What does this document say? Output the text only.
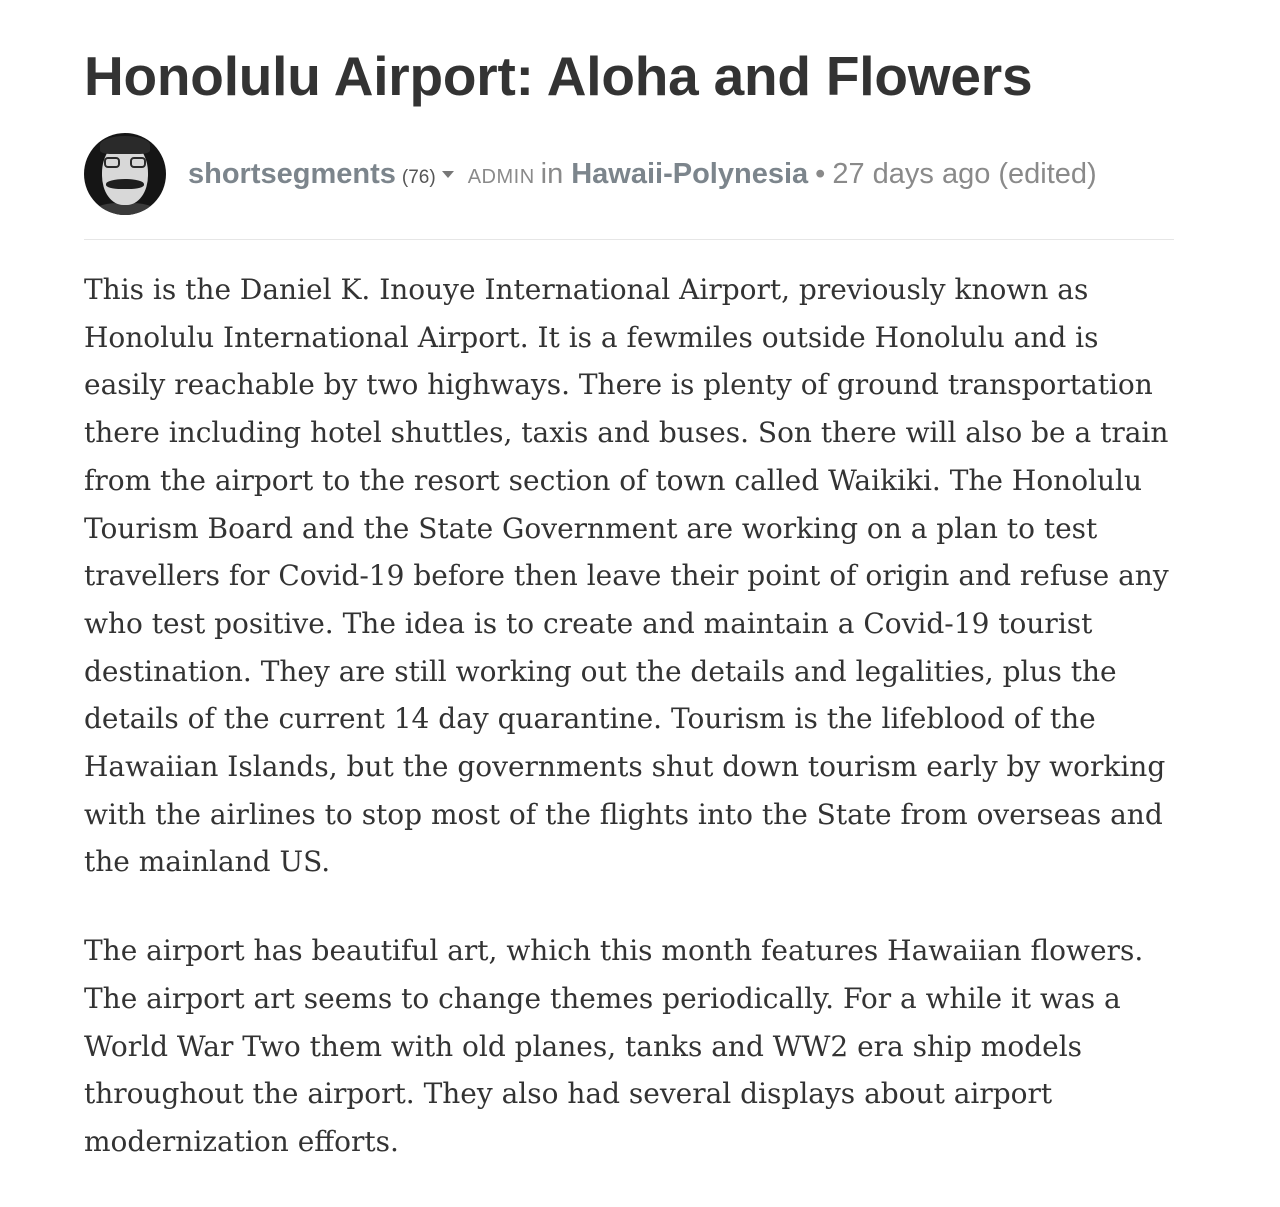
Honolulu Airport: Aloha and Flowers
shortsegments (76) ADMIN in Hawaii-Polynesia • 27 days ago (edited)

This is the Daniel K. Inouye International Airport, previously known as Honolulu International Airport. It is a fewmiles outside Honolulu and is easily reachable by two highways. There is plenty of ground transportation there including hotel shuttles, taxis and buses. Son there will also be a train from the airport to the resort section of town called Waikiki. The Honolulu Tourism Board and the State Government are working on a plan to test travellers for Covid-19 before then leave their point of origin and refuse any who test positive. The idea is to create and maintain a Covid-19 tourist destination. They are still working out the details and legalities, plus the details of the current 14 day quarantine. Tourism is the lifeblood of the Hawaiian Islands, but the governments shut down tourism early by working with the airlines to stop most of the flights into the State from overseas and the mainland US.

The airport has beautiful art, which this month features Hawaiian flowers. The airport art seems to change themes periodically. For a while it was a World War Two them with old planes, tanks and WW2 era ship models throughout the airport. They also had several displays about airport modernization efforts.
